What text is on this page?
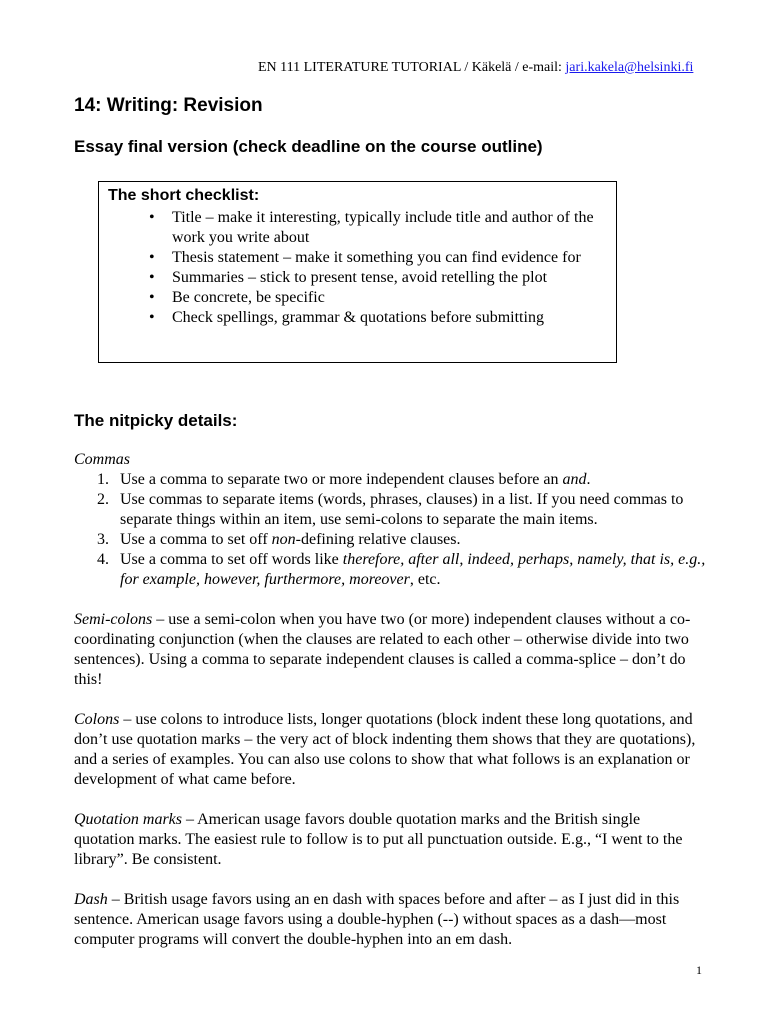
EN 111 LITERATURE TUTORIAL / Käkelä / e-mail: jari.kakela@helsinki.fi
14: Writing: Revision
Essay final version (check deadline on the course outline)
The short checklist:
• Title – make it interesting, typically include title and author of the work you write about
• Thesis statement – make it something you can find evidence for
• Summaries – stick to present tense, avoid retelling the plot
• Be concrete, be specific
• Check spellings, grammar & quotations before submitting
The nitpicky details:

Commas

1. Use a comma to separate two or more independent clauses before an and.
2. Use commas to separate items (words, phrases, clauses) in a list. If you need commas to separate things within an item, use semi-colons to separate the main items.
3. Use a comma to set off non-defining relative clauses.
4. Use a comma to set off words like therefore, after all, indeed, perhaps, namely, that is, e.g., for example, however, furthermore, moreover, etc.

Semi-colons – use a semi-colon when you have two (or more) independent clauses without a co-coordinating conjunction (when the clauses are related to each other – otherwise divide into two sentences). Using a comma to separate independent clauses is called a comma-splice – don’t do this!

Colons – use colons to introduce lists, longer quotations (block indent these long quotations, and don’t use quotation marks – the very act of block indenting them shows that they are quotations), and a series of examples. You can also use colons to show that what follows is an explanation or development of what came before.

Quotation marks – American usage favors double quotation marks and the British single quotation marks. The easiest rule to follow is to put all punctuation outside. E.g., “I went to the library”. Be consistent.

Dash – British usage favors using an en dash with spaces before and after – as I just did in this sentence. American usage favors using a double-hyphen (--) without spaces as a dash—most computer programs will convert the double-hyphen into an em dash.

1
